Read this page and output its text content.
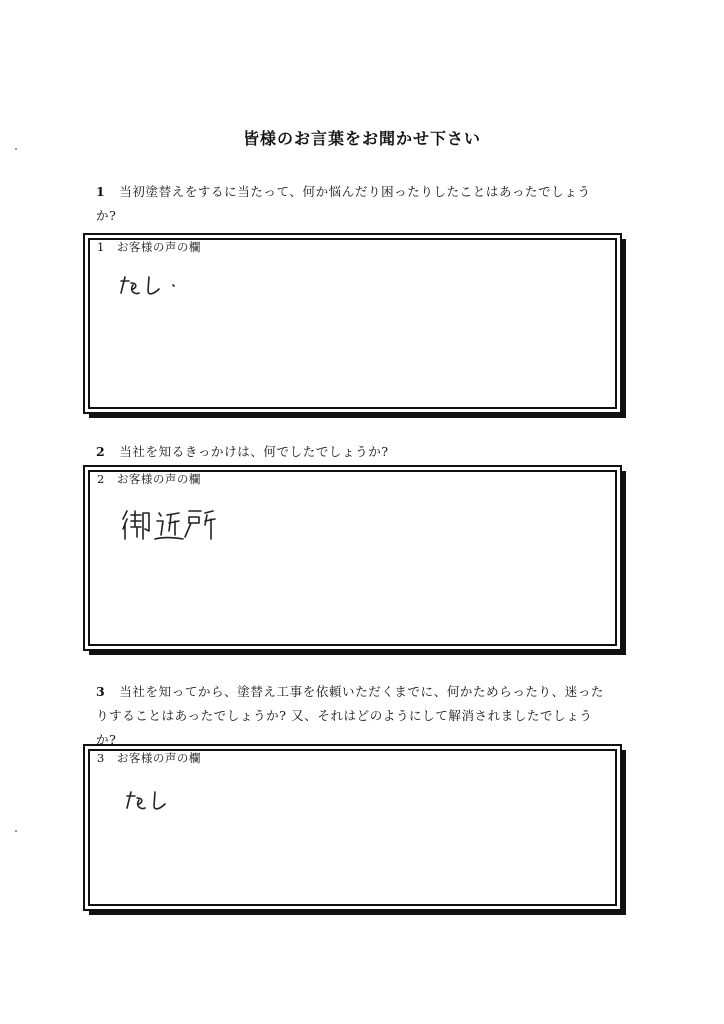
皆様のお言葉をお聞かせ下さい
1 当初塗替えをするに当たって、何か悩んだり困ったりしたことはあったでしょう
か?
1 お客様の声の欄
2 当社を知るきっかけは、何でしたでしょうか?
2 お客様の声の欄
3 当社を知ってから、塗替え工事を依頼いただくまでに、何かためらったり、迷った
りすることはあったでしょうか? 又、それはどのようにして解消されましたでしょう
か?
3 お客様の声の欄
